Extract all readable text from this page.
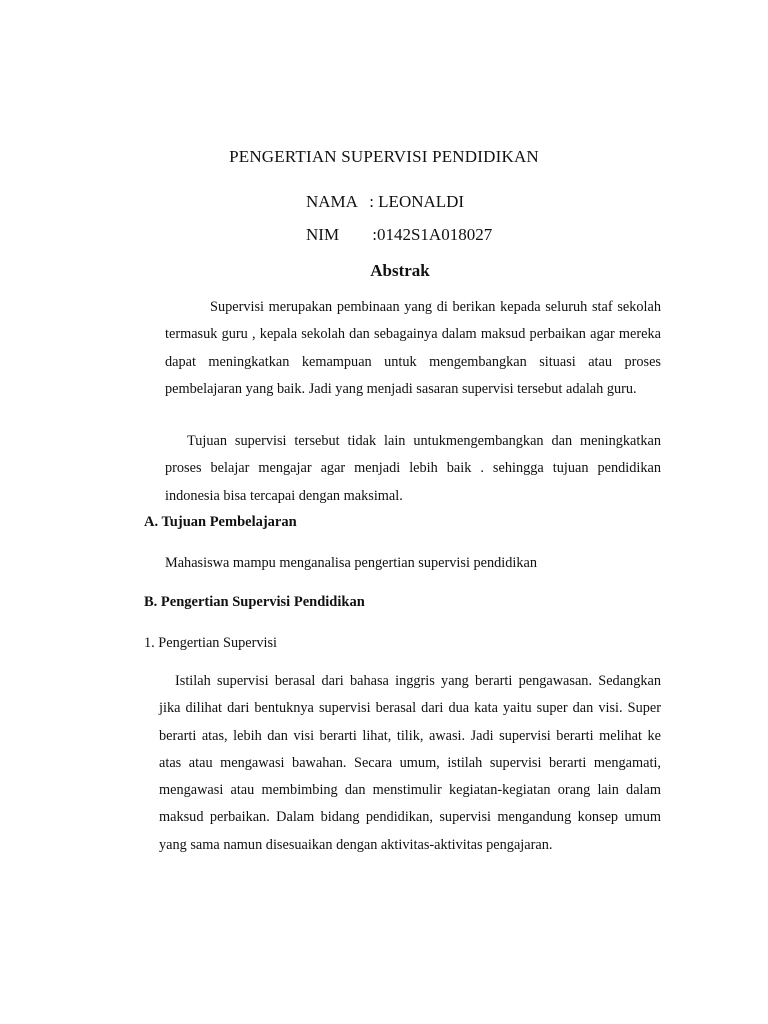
PENGERTIAN SUPERVISI PENDIDIKAN
NAMA : LEONALDI
NIM :0142S1A018027
Abstrak

Supervisi merupakan pembinaan yang di berikan kepada seluruh staf sekolah termasuk guru , kepala sekolah dan sebagainya dalam maksud perbaikan agar mereka dapat meningkatkan kemampuan untuk mengembangkan situasi atau proses pembelajaran yang baik. Jadi yang menjadi sasaran supervisi tersebut adalah guru.

Tujuan supervisi tersebut tidak lain untukmengembangkan dan meningkatkan proses belajar mengajar agar menjadi lebih baik . sehingga tujuan pendidikan indonesia bisa tercapai dengan maksimal.

A. Tujuan Pembelajaran

Mahasiswa mampu menganalisa pengertian supervisi pendidikan

B. Pengertian Supervisi Pendidikan

1. Pengertian Supervisi

Istilah supervisi berasal dari bahasa inggris yang berarti pengawasan. Sedangkan jika dilihat dari bentuknya supervisi berasal dari dua kata yaitu super dan visi. Super berarti atas, lebih dan visi berarti lihat, tilik, awasi. Jadi supervisi berarti melihat ke atas atau mengawasi bawahan. Secara umum, istilah supervisi berarti mengamati, mengawasi atau membimbing dan menstimulir kegiatan-kegiatan orang lain dalam maksud perbaikan. Dalam bidang pendidikan, supervisi mengandung konsep umum yang sama namun disesuaikan dengan aktivitas-aktivitas pengajaran.
